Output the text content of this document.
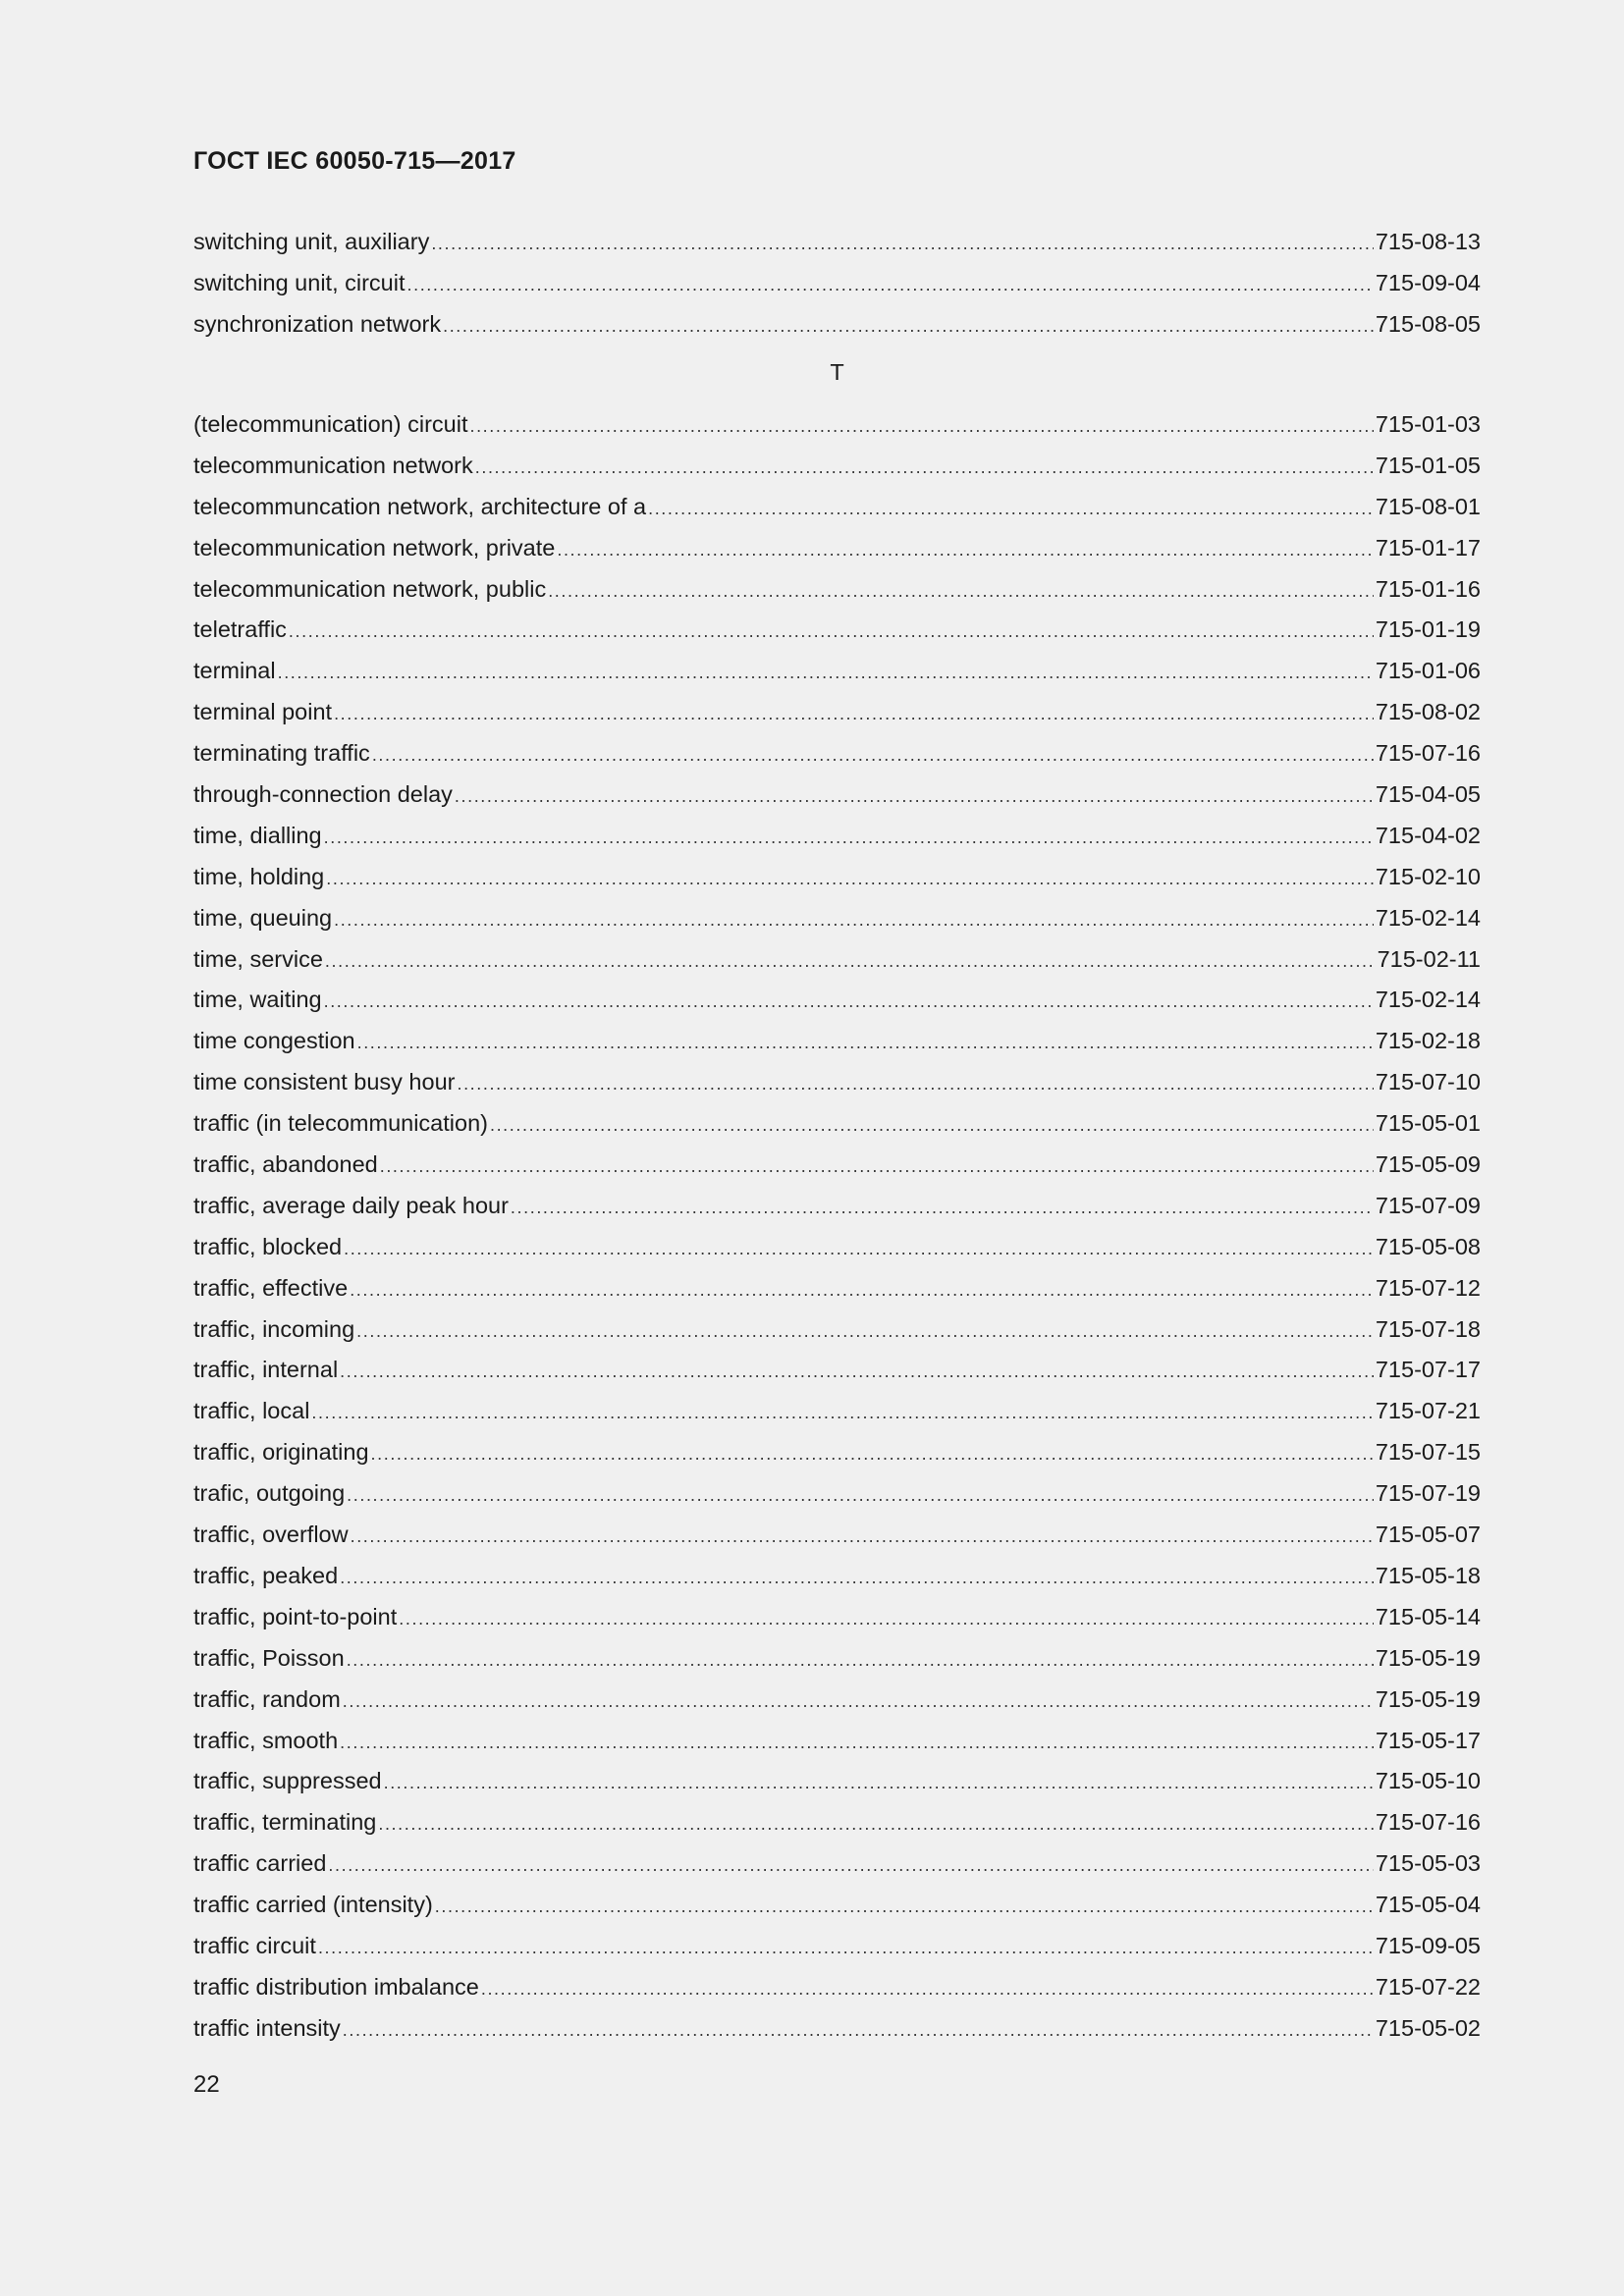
ГОСТ IEC 60050-715—2017
switching unit, auxiliary .....	715-08-13
switching unit, circuit .....	715-09-04
synchronization network .....	715-08-05
T
(telecommunication) circuit .....	715-01-03
telecommunication network .....	715-01-05
telecommuncation network, architecture of a .....	715-08-01
telecommunication network, private .....	715-01-17
telecommunication network, public .....	715-01-16
teletraffic .....	715-01-19
terminal .....	715-01-06
terminal point .....	715-08-02
terminating traffic .....	715-07-16
through-connection delay .....	715-04-05
time, dialling .....	715-04-02
time, holding .....	715-02-10
time, queuing .....	715-02-14
time, service .....	715-02-11
time, waiting .....	715-02-14
time congestion .....	715-02-18
time consistent busy hour .....	715-07-10
traffic (in telecommunication) .....	715-05-01
traffic, abandoned .....	715-05-09
traffic, average daily peak hour .....	715-07-09
traffic, blocked .....	715-05-08
traffic, effective .....	715-07-12
traffic, incoming .....	715-07-18
traffic, internal .....	715-07-17
traffic, local .....	715-07-21
traffic, originating .....	715-07-15
trafic, outgoing .....	715-07-19
traffic, overflow .....	715-05-07
traffic, peaked .....	715-05-18
traffic, point-to-point .....	715-05-14
traffic, Poisson .....	715-05-19
traffic, random .....	715-05-19
traffic, smooth .....	715-05-17
traffic, suppressed .....	715-05-10
traffic, terminating .....	715-07-16
traffic carried .....	715-05-03
traffic carried (intensity) .....	715-05-04
traffic circuit .....	715-09-05
traffic distribution imbalance .....	715-07-22
traffic intensity .....	715-05-02
22
